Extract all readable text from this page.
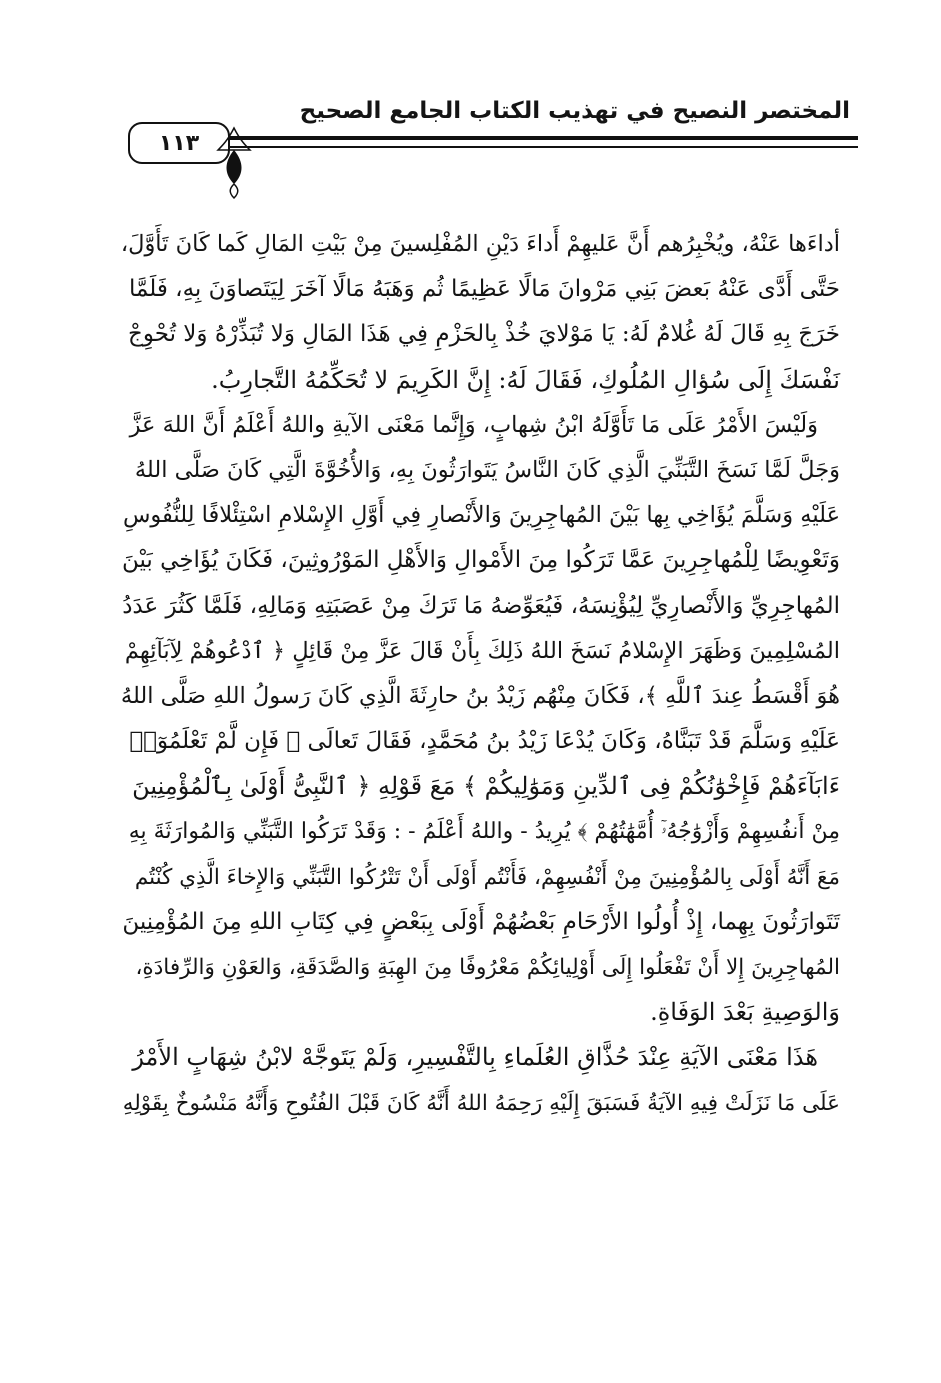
المختصر النصيح في تهذيب الكتاب الجامع الصحيح
١١٣
أداءَها عَنْهُ، ويُخْبِرُهم أَنَّ عَليهِمْ أَداءَ دَيْنِ المُفْلِسينَ مِنْ بَيْتِ المَالِ كَما كَانَ تَأَوَّلَ،
حَتَّى أَدَّى عَنْهُ بَعضَ بَنِي مَرْوانَ مَالًا عَظِيمًا ثُم وَهَبَهُ مَالًا آخَرَ لِيَتَصاوَنَ بِهِ، فَلَمَّا
خَرَجَ بِهِ قَالَ لَهُ غُلامٌ لَهُ: يَا مَوْلايَ خُذْ بِالحَزْمِ فِي هَذَا المَالِ وَلا تُبَذِّرْهُ وَلا تُحْوِجْ
نَفْسَكَ إِلَى سُؤالِ المُلُوكِ، فَقَالَ لَهُ: إِنَّ الكَرِيمَ لا تُحَكِّمُهُ التَّجارِبُ.
وَلَيْسَ الأَمْرُ عَلَى مَا تَأَوَّلَهُ ابْنُ شِهابٍ، وَإِنَّما مَعْنَى الآيةِ واللهُ أَعْلَمُ أَنَّ اللهَ عَزَّ
وَجَلَّ لَمَّا نَسَخَ التَّبَنِّيَ الَّذِي كَانَ النَّاسُ يَتَوارَثُونَ بِهِ، وَالأُخُوَّةَ الَّتِي كَانَ صَلَّى اللهُ
عَلَيْهِ وَسَلَّمَ يُؤَاخِي بِها بَيْنَ المُهاجِرِينَ وَالأَنْصارِ فِي أَوَّلِ الإِسْلامِ اسْتِئْلافًا لِلنُّفُوسِ
وَتَعْوِيضًا لِلْمُهاجِرِينَ عَمَّا تَرَكُوا مِنَ الأَمْوالِ وَالأَهْلِ المَوْرُوثِينَ، فَكَانَ يُؤَاخِي بَيْنَ
المُهاجِرِيِّ وَالأَنْصارِيِّ لِيُؤْنِسَهُ، فَيُعَوِّضهُ مَا تَرَكَ مِنْ عَصَبَتِهِ وَمَالِهِ، فَلَمَّا كَثُرَ عَدَدُ
المُسْلِمِينَ وَظَهَرَ الإِسْلامُ نَسَخَ اللهُ ذَلِكَ بِأَنْ قَالَ عَزَّ مِنْ قَائِلٍ ﴿ ٱدْعُوهُمْ لِآبَآئِهِمْ
هُوَ أَقْسَطُ عِندَ ٱللَّهِ ﴾، فَكَانَ مِنْهُم زَيْدُ بنُ حارِثَةَ الَّذِي كَانَ رَسولُ اللهِ صَلَّى اللهُ
عَلَيْهِ وَسَلَّمَ قَدْ تَبَنَّاهُ، وَكَانَ يُدْعَا زَيْدُ بنُ مُحَمَّدٍ، فَقَالَ تَعالَى ﴿ فَإِن لَّمْ تَعْلَمُوٓا۟
ءَابَآءَهُمْ فَإِخْوَٰنُكُمْ فِى ٱلدِّينِ وَمَوَٰلِيكُمْ ﴾ مَعَ قَوْلِهِ ﴿ ٱلنَّبِىُّ أَوْلَىٰ بِٱلْمُؤْمِنِينَ
مِنْ أَنفُسِهِمْ وَأَزْوَٰجُهُۥٓ أُمَّهَٰتُهُمْ ﴾ يُرِيدُ - واللهُ أَعْلَمُ - : وَقَدْ تَرَكُوا التَّبَنِّي وَالمُوارَثَةَ بِهِ
مَعَ أَنَّهُ أَوْلَى بِالمُؤْمِنِينَ مِنْ أَنْفُسِهِمْ، فَأَنْتُم أَوْلَى أَنْ تَتْرُكُوا التَّبَنِّي وَالإِخاءَ الَّذِي كُنْتُم
تَتَوارَثُونَ بِهِما، إِذْ أُولُوا الأَرْحَامِ بَعْضُهُمْ أَوْلَى بِبَعْضٍ فِي كِتَابِ اللهِ مِنَ المُؤْمِنِينَ
المُهاجِرِينَ إِلا أَنْ تَفْعَلُوا إِلَى أَوْلِيائِكُمْ مَعْرُوفًا مِنَ الهِبَةِ وَالصَّدَقَةِ، وَالعَوْنِ وَالرِّفادَةِ،
وَالوَصِيةِ بَعْدَ الوَفَاةِ.
هَذَا مَعْنَى الآيَةِ عِنْدَ حُذَّاقِ العُلَماءِ بِالتَّفْسِيرِ، وَلَمْ يَتَوجَّهْ لابْنُ شِهَابٍ الأَمْرُ
عَلَى مَا نَزَلَتْ فِيهِ الآيَةُ فَسَبَقَ إِلَيْهِ رَحِمَهُ اللهُ أَنَّهُ كَانَ قَبْلَ الفُتُوحِ وَأَنَّهُ مَنْسُوخٌ بِقَوْلِهِ
